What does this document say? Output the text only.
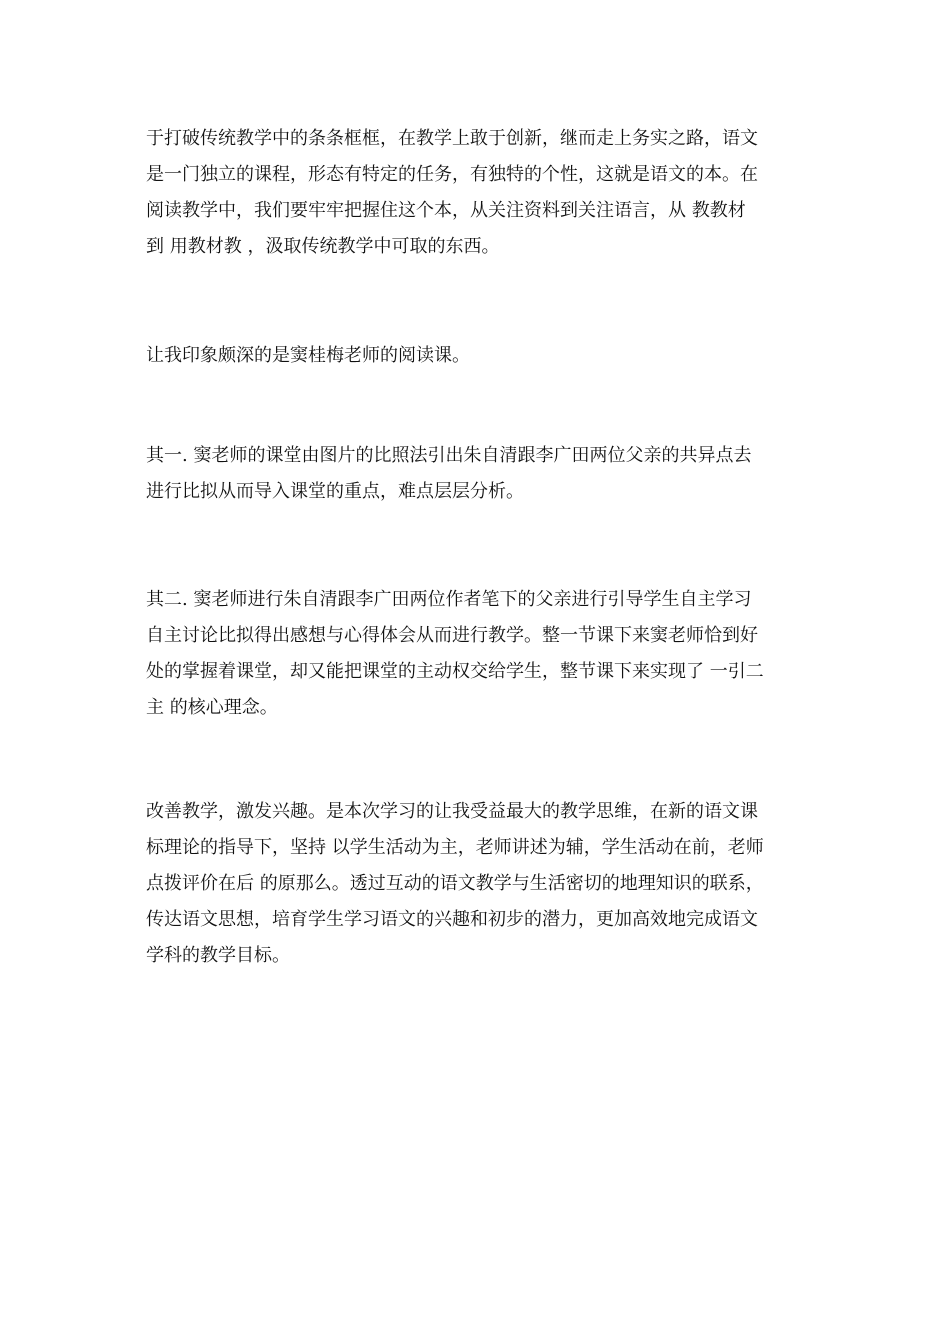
于打破传统教学中的条条框框，在教学上敢于创新，继而走上务实之路，语文
是一门独立的课程，形态有特定的任务，有独特的个性，这就是语文的本。在
阅读教学中，我们要牢牢把握住这个本，从关注资料到关注语言，从 教教材
到 用教材教 ，汲取传统教学中可取的东西。

让我印象颇深的是窦桂梅老师的阅读课。

其一. 窦老师的课堂由图片的比照法引出朱自清跟李广田两位父亲的共异点去
进行比拟从而导入课堂的重点，难点层层分析。

其二. 窦老师进行朱自清跟李广田两位作者笔下的父亲进行引导学生自主学习
自主讨论比拟得出感想与心得体会从而进行教学。整一节课下来窦老师恰到好
处的掌握着课堂，却又能把课堂的主动权交给学生，整节课下来实现了 一引二
主 的核心理念。

改善教学，激发兴趣。是本次学习的让我受益最大的教学思维，在新的语文课
标理论的指导下，坚持 以学生活动为主，老师讲述为辅，学生活动在前，老师
点拨评价在后 的原那么。透过互动的语文教学与生活密切的地理知识的联系，
传达语文思想，培育学生学习语文的兴趣和初步的潜力，更加高效地完成语文
学科的教学目标。
